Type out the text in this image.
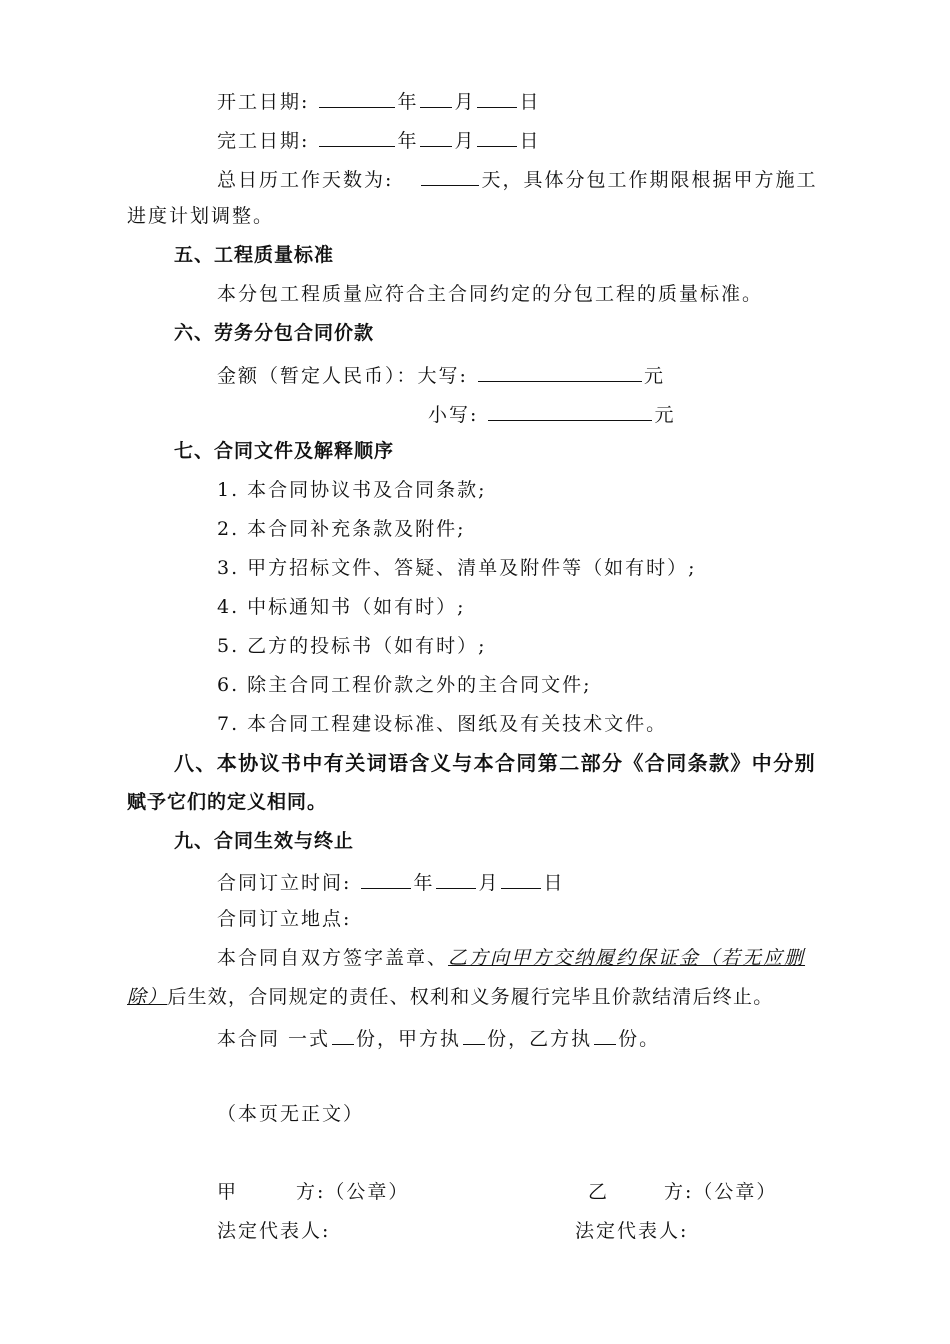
开工日期:	年 月 日
完工日期:	年 月 日
总日历工作天数为:	天，具体分包工作期限根据甲方施工
进度计划调整。
五、工程质量标准
本分包工程质量应符合主合同约定的分包工程的质量标准。
六、劳务分包合同价款
金额（暂定人民币）：大写:	元
小写:	元
七、合同文件及解释顺序
1. 本合同协议书及合同条款;
2. 本合同补充条款及附件;
3. 甲方招标文件、答疑、清单及附件等（如有时）;
4. 中标通知书（如有时）;
5. 乙方的投标书（如有时）;
6. 除主合同工程价款之外的主合同文件;
7. 本合同工程建设标准、图纸及有关技术文件。
八、本协议书中有关词语含义与本合同第二部分《合同条款》中分别
赋予它们的定义相同。
九、合同生效与终止
合同订立时间:	年 月 日
合同订立地点:
本合同自双方签字盖章、乙方向甲方交纳履约保证金（若无应删
除）后生效，合同规定的责任、权利和义务履行完毕且价款结清后终止。
本合同 一式 份，甲方执 份，乙方执 份。
（本页无正文）
甲	方:（公章）	乙	方:（公章）
法定代表人:	法定代表人:
